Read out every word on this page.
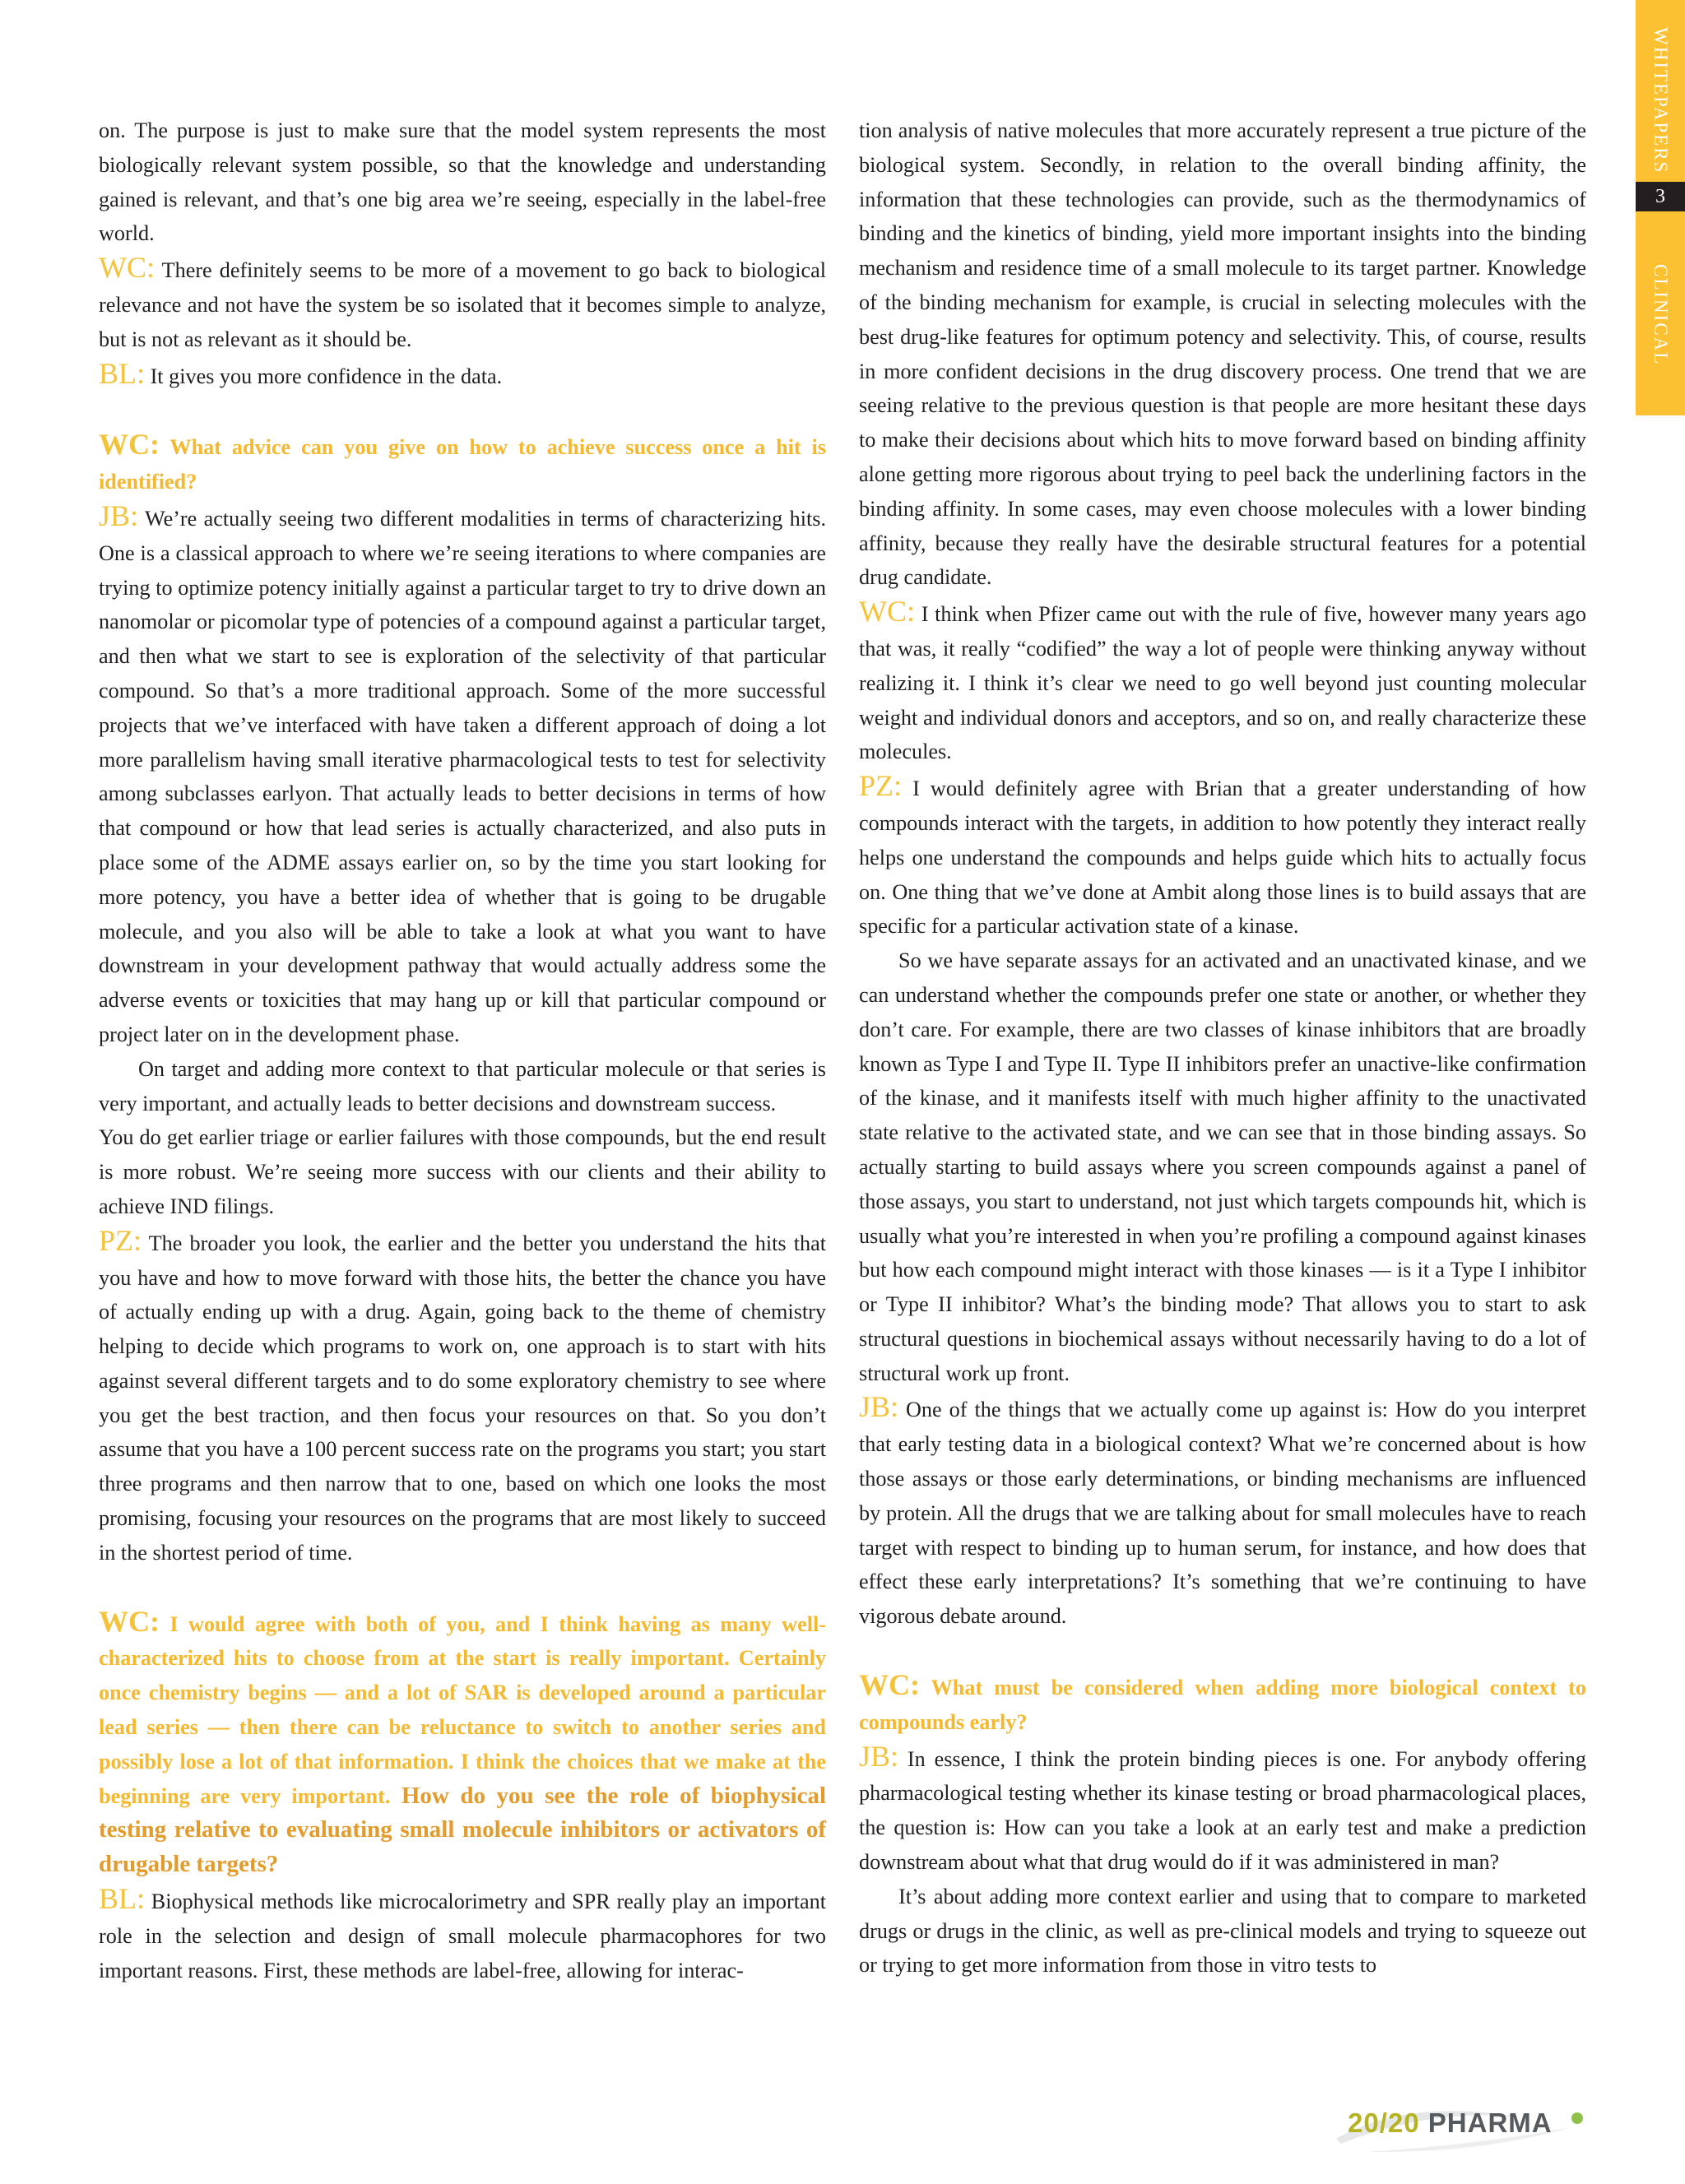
WHITEPAPERS
3
CLINICAL TRIALS

on. The purpose is just to make sure that the model system represents the most biologically relevant system possible, so that the knowledge and understanding gained is relevant, and that’s one big area we’re seeing, especially in the label-free world.

WC: There definitely seems to be more of a movement to go back to biological relevance and not have the system be so isolated that it becomes simple to analyze, but is not as relevant as it should be.

BL: It gives you more confidence in the data.

WC: What advice can you give on how to achieve success once a hit is identified?

JB: We’re actually seeing two different modalities in terms of characterizing hits. One is a classical approach to where we’re seeing iterations to where companies are trying to optimize potency initially against a particular target to try to drive down an nanomolar or picomolar type of potencies of a compound against a particular target, and then what we start to see is exploration of the selectivity of that particular compound. So that’s a more traditional approach. Some of the more successful projects that we’ve interfaced with have taken a different approach of doing a lot more parallelism having small iterative pharmacological tests to test for selectivity among subclasses earlyon. That actually leads to better decisions in terms of how that compound or how that lead series is actually characterized, and also puts in place some of the ADME assays earlier on, so by the time you start looking for more potency, you have a better idea of whether that is going to be drugable molecule, and you also will be able to take a look at what you want to have downstream in your development pathway that would actually address some the adverse events or toxicities that may hang up or kill that particular compound or project later on in the development phase.

On target and adding more context to that particular molecule or that series is very important, and actually leads to better decisions and downstream success.

You do get earlier triage or earlier failures with those compounds, but the end result is more robust. We’re seeing more success with our clients and their ability to achieve IND filings.

PZ: The broader you look, the earlier and the better you understand the hits that you have and how to move forward with those hits, the better the chance you have of actually ending up with a drug. Again, going back to the theme of chemistry helping to decide which programs to work on, one approach is to start with hits against several different targets and to do some exploratory chemistry to see where you get the best traction, and then focus your resources on that. So you don’t assume that you have a 100 percent success rate on the programs you start; you start three programs and then narrow that to one, based on which one looks the most promising, focusing your resources on the programs that are most likely to succeed in the shortest period of time.

WC: I would agree with both of you, and I think having as many well-characterized hits to choose from at the start is really important. Certainly once chemistry begins — and a lot of SAR is developed around a particular lead series — then there can be reluctance to switch to another series and possibly lose a lot of that information. I think the choices that we make at the beginning are very important. How do you see the role of biophysical testing relative to evaluating small molecule inhibitors or activators of drugable targets?

BL: Biophysical methods like microcalorimetry and SPR really play an important role in the selection and design of small molecule pharmacophores for two important reasons. First, these methods are label-free, allowing for interac-

tion analysis of native molecules that more accurately represent a true picture of the biological system. Secondly, in relation to the overall binding affinity, the information that these technologies can provide, such as the thermodynamics of binding and the kinetics of binding, yield more important insights into the binding mechanism and residence time of a small molecule to its target partner. Knowledge of the binding mechanism for example, is crucial in selecting molecules with the best drug-like features for optimum potency and selectivity. This, of course, results in more confident decisions in the drug discovery process. One trend that we are seeing relative to the previous question is that people are more hesitant these days to make their decisions about which hits to move forward based on binding affinity alone getting more rigorous about trying to peel back the underlining factors in the binding affinity. In some cases, may even choose molecules with a lower binding affinity, because they really have the desirable structural features for a potential drug candidate.

WC: I think when Pfizer came out with the rule of five, however many years ago that was, it really “codified” the way a lot of people were thinking anyway without realizing it. I think it’s clear we need to go well beyond just counting molecular weight and individual donors and acceptors, and so on, and really characterize these molecules.

PZ: I would definitely agree with Brian that a greater understanding of how compounds interact with the targets, in addition to how potently they interact really helps one understand the compounds and helps guide which hits to actually focus on. One thing that we’ve done at Ambit along those lines is to build assays that are specific for a particular activation state of a kinase.

So we have separate assays for an activated and an unactivated kinase, and we can understand whether the compounds prefer one state or another, or whether they don’t care. For example, there are two classes of kinase inhibitors that are broadly known as Type I and Type II. Type II inhibitors prefer an unactive-like confirmation of the kinase, and it manifests itself with much higher affinity to the unactivated state relative to the activated state, and we can see that in those binding assays. So actually starting to build assays where you screen compounds against a panel of those assays, you start to understand, not just which targets compounds hit, which is usually what you’re interested in when you’re profiling a compound against kinases but how each compound might interact with those kinases — is it a Type I inhibitor or Type II inhibitor? What’s the binding mode? That allows you to start to ask structural questions in biochemical assays without necessarily having to do a lot of structural work up front.

JB: One of the things that we actually come up against is: How do you interpret that early testing data in a biological context? What we’re concerned about is how those assays or those early determinations, or binding mechanisms are influenced by protein. All the drugs that we are talking about for small molecules have to reach target with respect to binding up to human serum, for instance, and how does that effect these early interpretations? It’s something that we’re continuing to have vigorous debate around.

WC: What must be considered when adding more biological context to compounds early?

JB: In essence, I think the protein binding pieces is one. For anybody offering pharmacological testing whether its kinase testing or broad pharmacological places, the question is: How can you take a look at an early test and make a prediction downstream about what that drug would do if it was administered in man?

It’s about adding more context earlier and using that to compare to marketed drugs or drugs in the clinic, as well as pre-clinical models and trying to squeeze out or trying to get more information from those in vitro tests to

20/20 PHARMA
